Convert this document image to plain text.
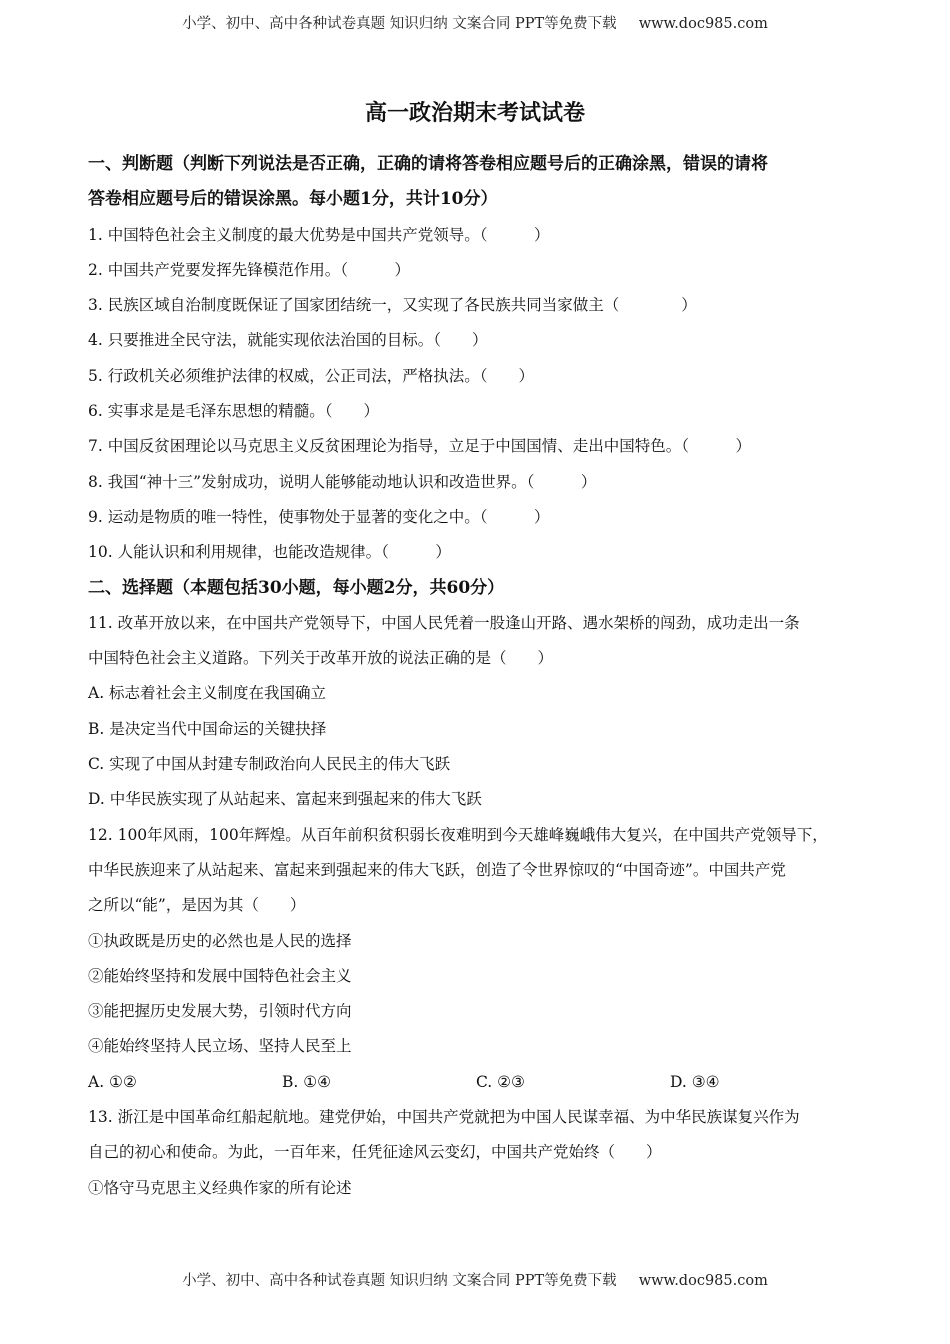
小学、初中、高中各种试卷真题 知识归纳 文案合同 PPT等免费下载 www.doc985.com
高一政治期末考试试卷
一、判断题（判断下列说法是否正确，正确的请将答卷相应题号后的正确涂黑，错误的请将
答卷相应题号后的错误涂黑。每小题1分，共计10分）
1. 中国特色社会主义制度的最大优势是中国共产党领导。（　　　）
2. 中国共产党要发挥先锋模范作用。（　　　）
3. 民族区域自治制度既保证了国家团结统一，又实现了各民族共同当家做主（　　　　）
4. 只要推进全民守法，就能实现依法治国的目标。（　　）
5. 行政机关必须维护法律的权威，公正司法，严格执法。（　　）
6. 实事求是是毛泽东思想的精髓。（　　）
7. 中国反贫困理论以马克思主义反贫困理论为指导，立足于中国国情、走出中国特色。（　　　）
8. 我国“神十三”发射成功，说明人能够能动地认识和改造世界。（　　　）
9. 运动是物质的唯一特性，使事物处于显著的变化之中。（　　　）
10. 人能认识和利用规律，也能改造规律。（　　　）
二、选择题（本题包括30小题，每小题2分，共60分）
11. 改革开放以来，在中国共产党领导下，中国人民凭着一股逢山开路、遇水架桥的闯劲，成功走出一条
中国特色社会主义道路。下列关于改革开放的说法正确的是（　　）
A. 标志着社会主义制度在我国确立
B. 是决定当代中国命运的关键抉择
C. 实现了中国从封建专制政治向人民民主的伟大飞跃
D. 中华民族实现了从站起来、富起来到强起来的伟大飞跃
12. 100年风雨，100年辉煌。从百年前积贫积弱长夜难明到今天雄峰巍峨伟大复兴，在中国共产党领导下，
中华民族迎来了从站起来、富起来到强起来的伟大飞跃，创造了令世界惊叹的“中国奇迹”。中国共产党
之所以“能”，是因为其（　　）
①执政既是历史的必然也是人民的选择
②能始终坚持和发展中国特色社会主义
③能把握历史发展大势，引领时代方向
④能始终坚持人民立场、坚持人民至上
A. ①②	B. ①④	C. ②③	D. ③④
13. 浙江是中国革命红船起航地。建党伊始，中国共产党就把为中国人民谋幸福、为中华民族谋复兴作为
自己的初心和使命。为此，一百年来，任凭征途风云变幻，中国共产党始终（　　）
①恪守马克思主义经典作家的所有论述
小学、初中、高中各种试卷真题 知识归纳 文案合同 PPT等免费下载 www.doc985.com
